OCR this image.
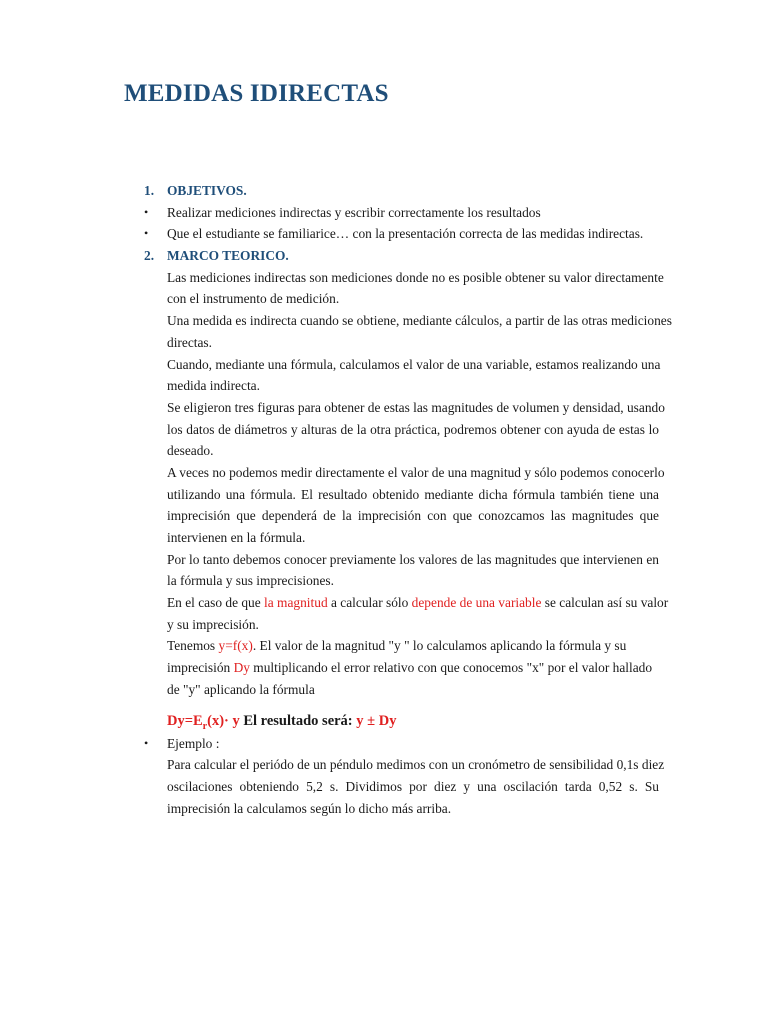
MEDIDAS IDIRECTAS
1. OBJETIVOS.
• Realizar mediciones indirectas y escribir correctamente los resultados
• Que el estudiante se familiarice… con la presentación correcta de las medidas indirectas.
2. MARCO TEORICO.
Las mediciones indirectas son mediciones donde no es posible obtener su valor directamente
con el instrumento de medición.
Una medida es indirecta cuando se obtiene, mediante cálculos, a partir de las otras mediciones
directas.
Cuando, mediante una fórmula, calculamos el valor de una variable, estamos realizando una
medida indirecta.
Se eligieron tres figuras para obtener de estas las magnitudes de volumen y densidad, usando
los datos de diámetros y alturas de la otra práctica, podremos obtener con ayuda de estas lo
deseado.
A veces no podemos medir directamente el valor de una magnitud y sólo podemos conocerlo
utilizando una fórmula. El resultado obtenido mediante dicha fórmula también tiene una
imprecisión que dependerá de la imprecisión con que conozcamos las magnitudes que
intervienen en la fórmula.
Por lo tanto debemos conocer previamente los valores de las magnitudes que intervienen en
la fórmula y sus imprecisiones.
En el caso de que la magnitud a calcular sólo depende de una variable se calculan así su valor
y su imprecisión.
Tenemos y=f(x). El valor de la magnitud "y " lo calculamos aplicando la fórmula y su
imprecisión Dy multiplicando el error relativo con que conocemos "x" por el valor hallado
de "y" aplicando la fórmula
$Dy=E_r(x)\cdot y$ El resultado será: y ± Dy
• Ejemplo :
Para calcular el periódo de un péndulo medimos con un cronómetro de sensibilidad 0,1s diez
oscilaciones obteniendo 5,2 s. Dividimos por diez y una oscilación tarda 0,52 s. Su
imprecisión la calculamos según lo dicho más arriba.
